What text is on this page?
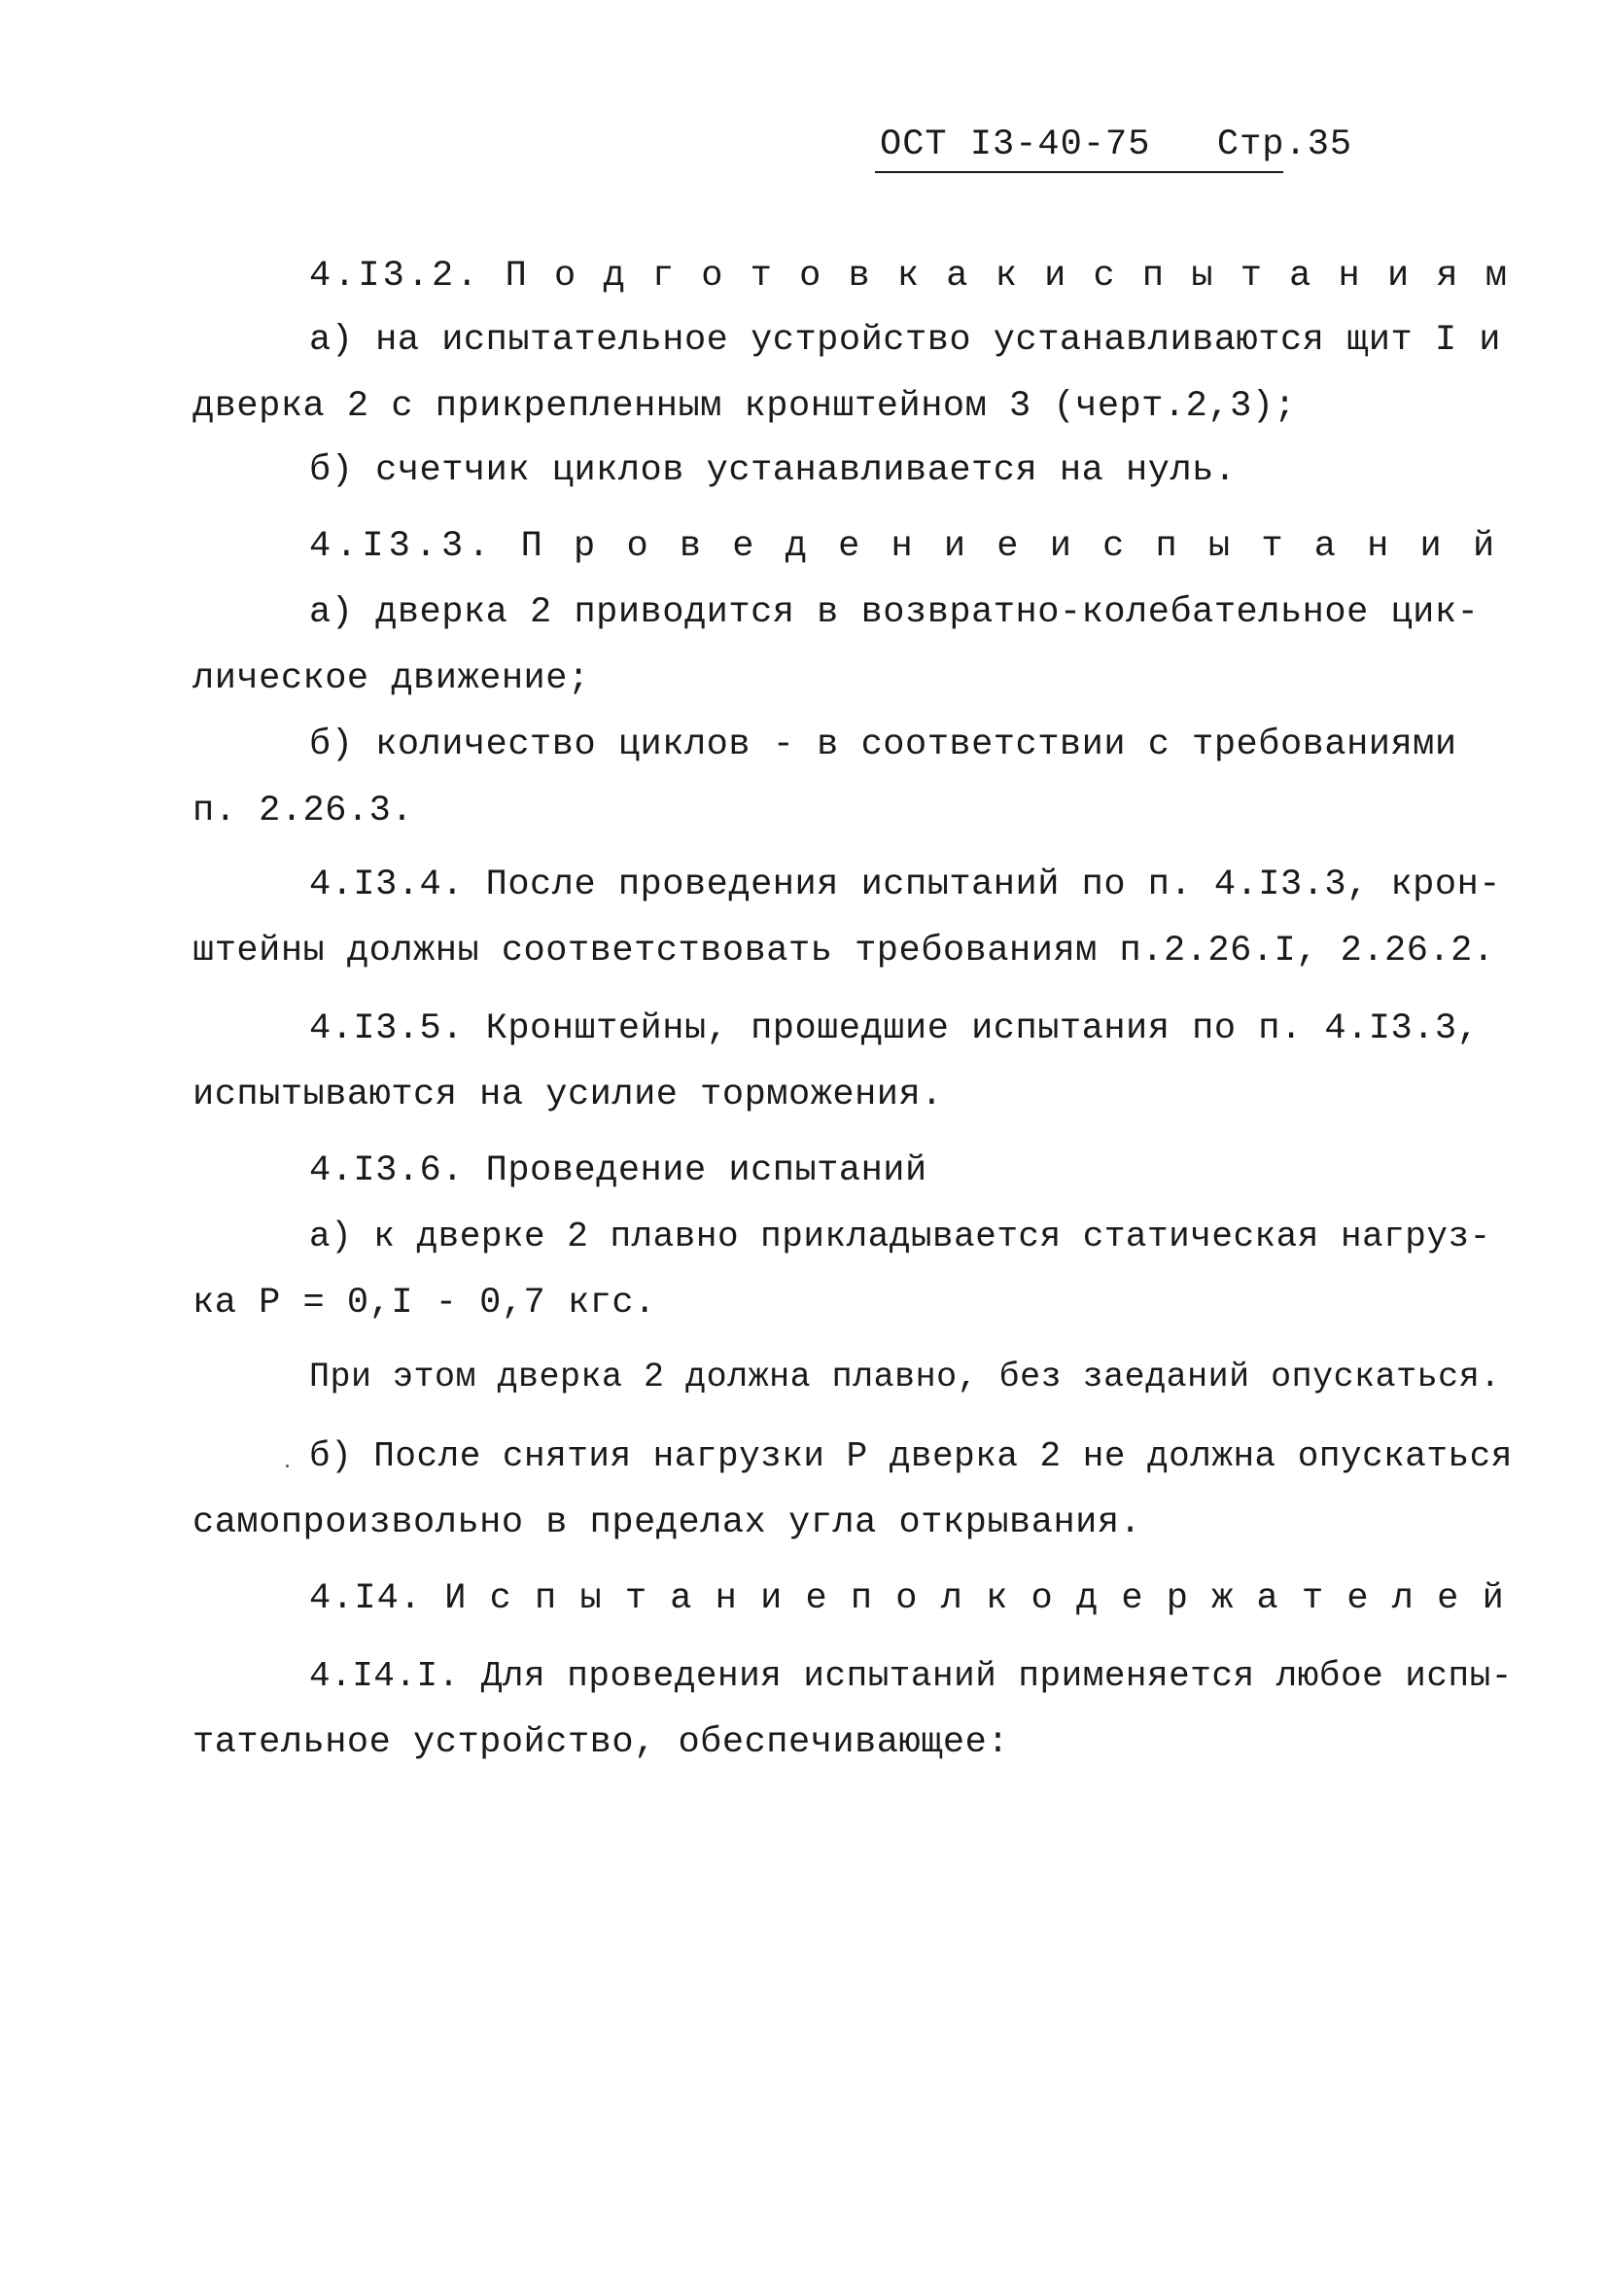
ОСТ I3-40-75 Стр.35
4.I3.2. П о д г о т о в к а к и с п ы т а н и я м
а) на испытательное устройство устанавливаются щит I и
дверка 2 с прикрепленным кронштейном 3 (черт.2,3);
б) счетчик циклов устанавливается на нуль.
4.I3.3. П р о в е д е н и е и с п ы т а н и й
а) дверка 2 приводится в возвратно-колебательное цик-
лическое движение;
б) количество циклов - в соответствии с требованиями
п. 2.26.3.
4.I3.4. После проведения испытаний по п. 4.I3.3, крон-
штейны должны соответствовать требованиям п.2.26.I, 2.26.2.
4.I3.5. Кронштейны, прошедшие испытания по п. 4.I3.3,
испытываются на усилие торможения.
4.I3.6. Проведение испытаний
а) к дверке 2 плавно прикладывается статическая нагруз-
ка P = 0,I - 0,7 кгс.
При этом дверка 2 должна плавно, без заеданий опускаться.
б) После снятия нагрузки P дверка 2 не должна опускаться
самопроизвольно в пределах угла открывания.
4.I4. И с п ы т а н и е п о л к о д е р ж а т е л е й
4.I4.I. Для проведения испытаний применяется любое испы-
тательное устройство, обеспечивающее:
